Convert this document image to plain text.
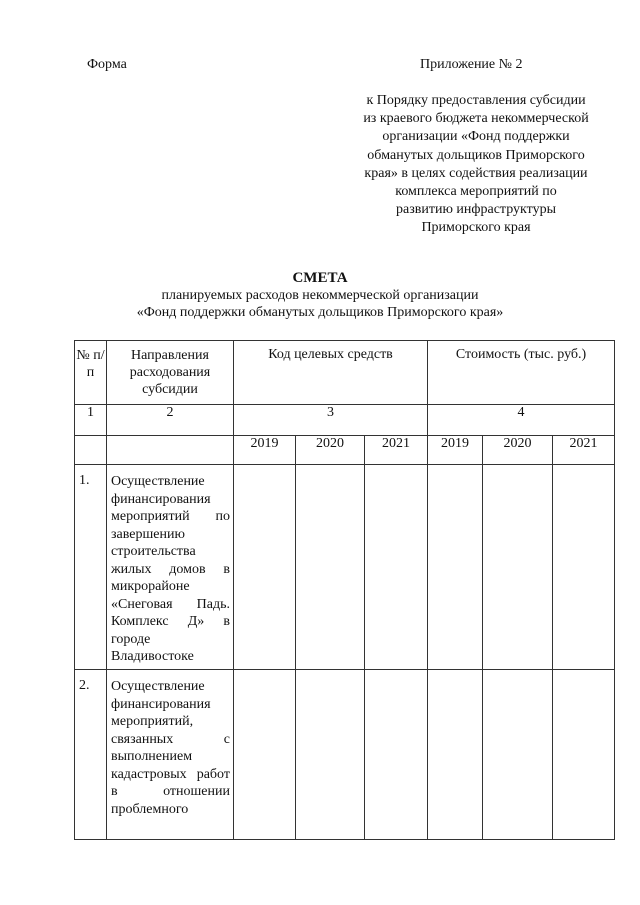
Форма	Приложение № 2
к Порядку предоставления субсидии
из краевого бюджета некоммерческой
организации «Фонд поддержки
обманутых дольщиков Приморского
края» в целях содействия реализации
комплекса мероприятий по
развитию инфраструктуры
Приморского края
СМЕТА
планируемых расходов некоммерческой организации
«Фонд поддержки обманутых дольщиков Приморского края»
№ п/п	Направления расходования субсидии	Код целевых средств			Стоимость (тыс. руб.)		
1	2	3			4		
		2019	2020	2021	2019	2020	2021
1.	Осуществление финансирования мероприятий по завершению строительства жилых домов в микрорайоне «Снеговая Падь. Комплекс Д» в городе Владивостоке						
2.	Осуществление финансирования мероприятий, связанных с выполнением кадастровых работ в отношении проблемного						
